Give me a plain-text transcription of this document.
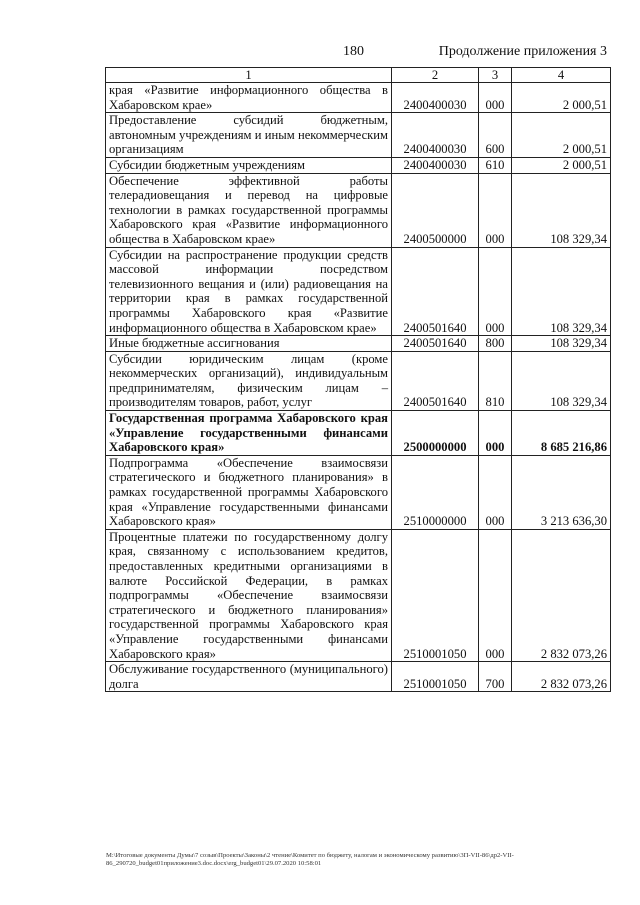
180	Продолжение приложения 3
1	2	3	4
края «Развитие информационного общества в Хабаровском крае»	2400400030	000	2 000,51
Предоставление субсидий бюджетным, автономным учреждениям и иным некоммерческим организациям	2400400030	600	2 000,51
Субсидии бюджетным учреждениям	2400400030	610	2 000,51
Обеспечение эффективной работы телерадиовещания и перевод на цифровые технологии в рамках государственной программы Хабаровского края «Развитие информационного общества в Хабаровском крае»	2400500000	000	108 329,34
Субсидии на распространение продукции средств массовой информации посредством телевизионного вещания и (или) радиовещания на территории края в рамках государственной программы Хабаровского края «Развитие информационного общества в Хабаровском крае»	2400501640	000	108 329,34
Иные бюджетные ассигнования	2400501640	800	108 329,34
Субсидии юридическим лицам (кроме некоммерческих организаций), индивидуальным предпринимателям, физическим лицам – производителям товаров, работ, услуг	2400501640	810	108 329,34
Государственная программа Хабаровского края «Управление государственными финансами Хабаровского края»	2500000000	000	8 685 216,86
Подпрограмма «Обеспечение взаимосвязи стратегического и бюджетного планирования» в рамках государственной программы Хабаровского края «Управление государственными финансами Хабаровского края»	2510000000	000	3 213 636,30
Процентные платежи по государственному долгу края, связанному с использованием кредитов, предоставленных кредитными организациями в валюте Российской Федерации, в рамках подпрограммы «Обеспечение взаимосвязи стратегического и бюджетного планирования» государственной программы Хабаровского края «Управление государственными финансами Хабаровского края»	2510001050	000	2 832 073,26
Обслуживание государственного (муниципального) долга	2510001050	700	2 832 073,26
M:\Итоговые документы Думы\7 созыв\Проекты\Законы\2 чтение\Комитет по бюджету, налогам и экономическому развитию\3П-VII-86\др2-VII-86_290720_budget01приложение3.doc.docx\erg_budget01\29.07.2020 10:58:01
